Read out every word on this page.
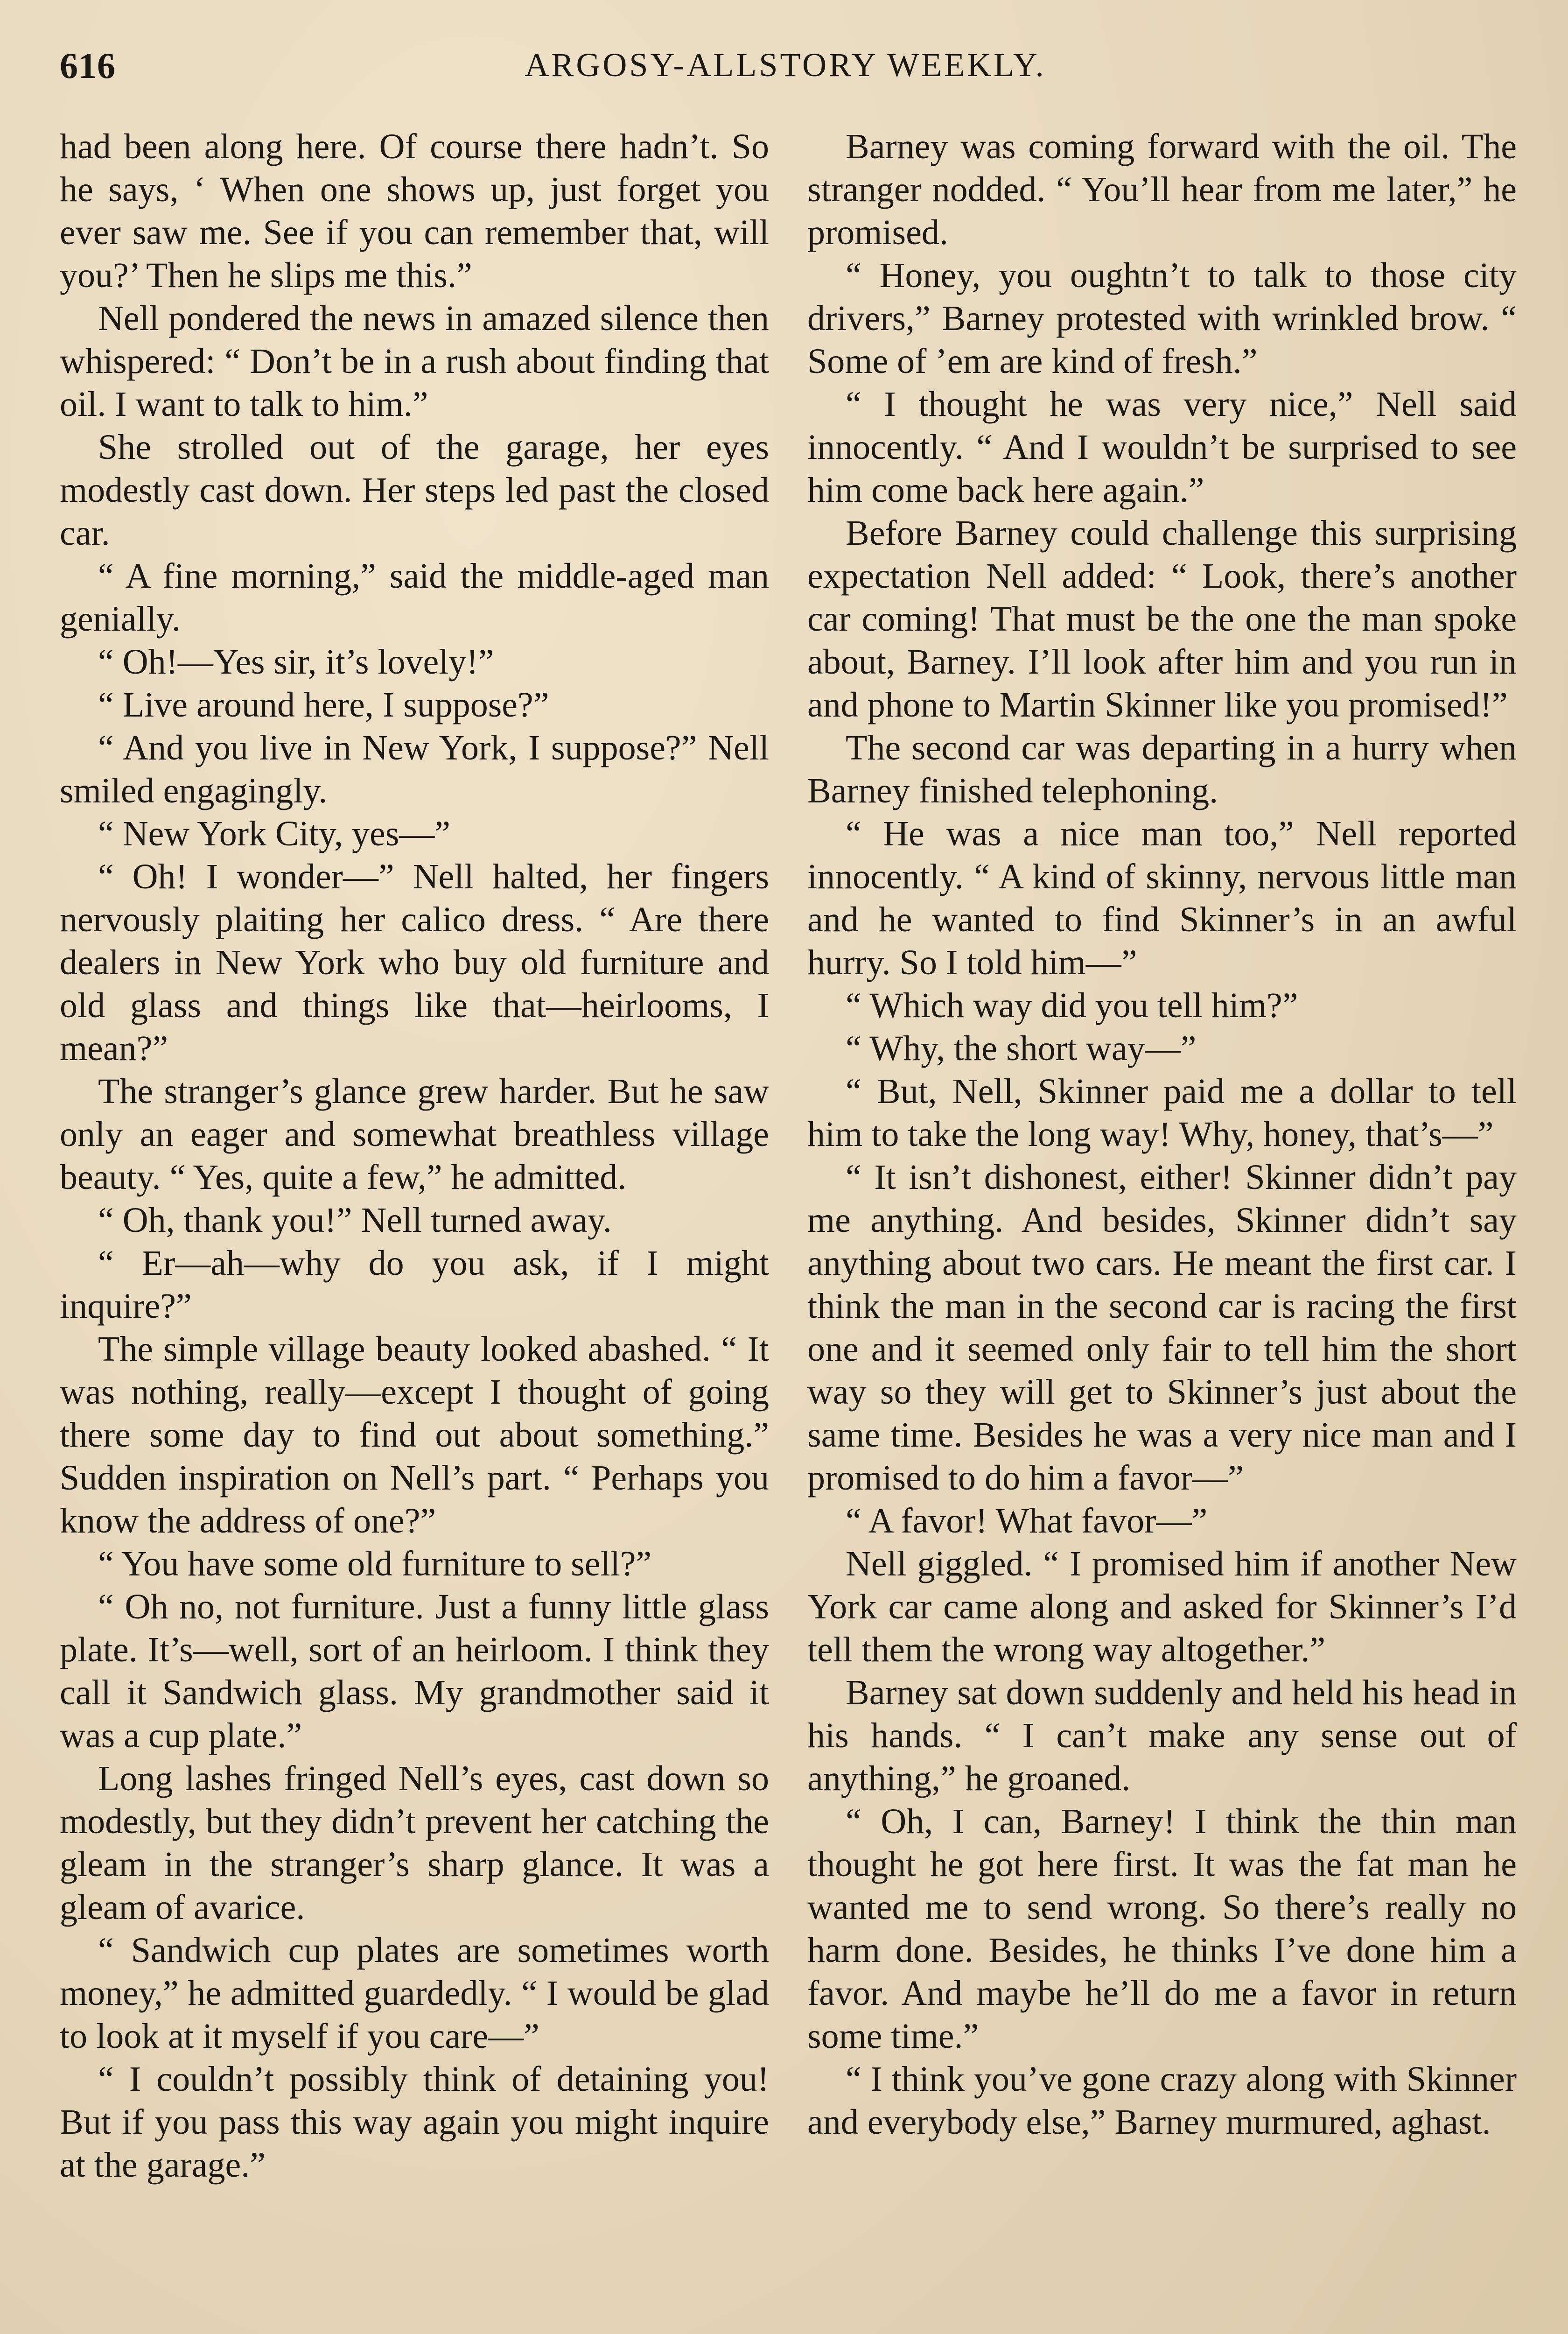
616	ARGOSY-ALLSTORY WEEKLY.

had been along here. Of course there hadn’t. So he says, ‘ When one shows up, just forget you ever saw me. See if you can remember that, will you?’ Then he slips me this.”

Nell pondered the news in amazed silence then whispered: “ Don’t be in a rush about finding that oil. I want to talk to him.”

She strolled out of the garage, her eyes modestly cast down. Her steps led past the closed car.

“ A fine morning,” said the middle-aged man genially.

“ Oh!—Yes sir, it’s lovely!”

“ Live around here, I suppose?”

“ And you live in New York, I suppose?” Nell smiled engagingly.

“ New York City, yes—”

“ Oh! I wonder—” Nell halted, her fingers nervously plaiting her calico dress. “ Are there dealers in New York who buy old furniture and old glass and things like that—heirlooms, I mean?”

The stranger’s glance grew harder. But he saw only an eager and somewhat breathless village beauty. “ Yes, quite a few,” he admitted.

“ Oh, thank you!” Nell turned away.

“ Er—ah—why do you ask, if I might inquire?”

The simple village beauty looked abashed. “ It was nothing, really—except I thought of going there some day to find out about something.” Sudden inspiration on Nell’s part. “ Perhaps you know the address of one?”

“ You have some old furniture to sell?”

“ Oh no, not furniture. Just a funny little glass plate. It’s—well, sort of an heirloom. I think they call it Sandwich glass. My grandmother said it was a cup plate.”

Long lashes fringed Nell’s eyes, cast down so modestly, but they didn’t prevent her catching the gleam in the stranger’s sharp glance. It was a gleam of avarice.

“ Sandwich cup plates are sometimes worth money,” he admitted guardedly. “ I would be glad to look at it myself if you care—”

“ I couldn’t possibly think of detaining you! But if you pass this way again you might inquire at the garage.”

Barney was coming forward with the oil. The stranger nodded. “ You’ll hear from me later,” he promised.

“ Honey, you oughtn’t to talk to those city drivers,” Barney protested with wrinkled brow. “ Some of ’em are kind of fresh.”

“ I thought he was very nice,” Nell said innocently. “ And I wouldn’t be surprised to see him come back here again.”

Before Barney could challenge this surprising expectation Nell added: “ Look, there’s another car coming! That must be the one the man spoke about, Barney. I’ll look after him and you run in and phone to Martin Skinner like you promised!”

The second car was departing in a hurry when Barney finished telephoning.

“ He was a nice man too,” Nell reported innocently. “ A kind of skinny, nervous little man and he wanted to find Skinner’s in an awful hurry. So I told him—”

“ Which way did you tell him?”

“ Why, the short way—”

“ But, Nell, Skinner paid me a dollar to tell him to take the long way! Why, honey, that’s—”

“ It isn’t dishonest, either! Skinner didn’t pay me anything. And besides, Skinner didn’t say anything about two cars. He meant the first car. I think the man in the second car is racing the first one and it seemed only fair to tell him the short way so they will get to Skinner’s just about the same time. Besides he was a very nice man and I promised to do him a favor—”

“ A favor! What favor—”

Nell giggled. “ I promised him if another New York car came along and asked for Skinner’s I’d tell them the wrong way altogether.”

Barney sat down suddenly and held his head in his hands. “ I can’t make any sense out of anything,” he groaned.

“ Oh, I can, Barney! I think the thin man thought he got here first. It was the fat man he wanted me to send wrong. So there’s really no harm done. Besides, he thinks I’ve done him a favor. And maybe he’ll do me a favor in return some time.”

“ I think you’ve gone crazy along with Skinner and everybody else,” Barney murmured, aghast.
